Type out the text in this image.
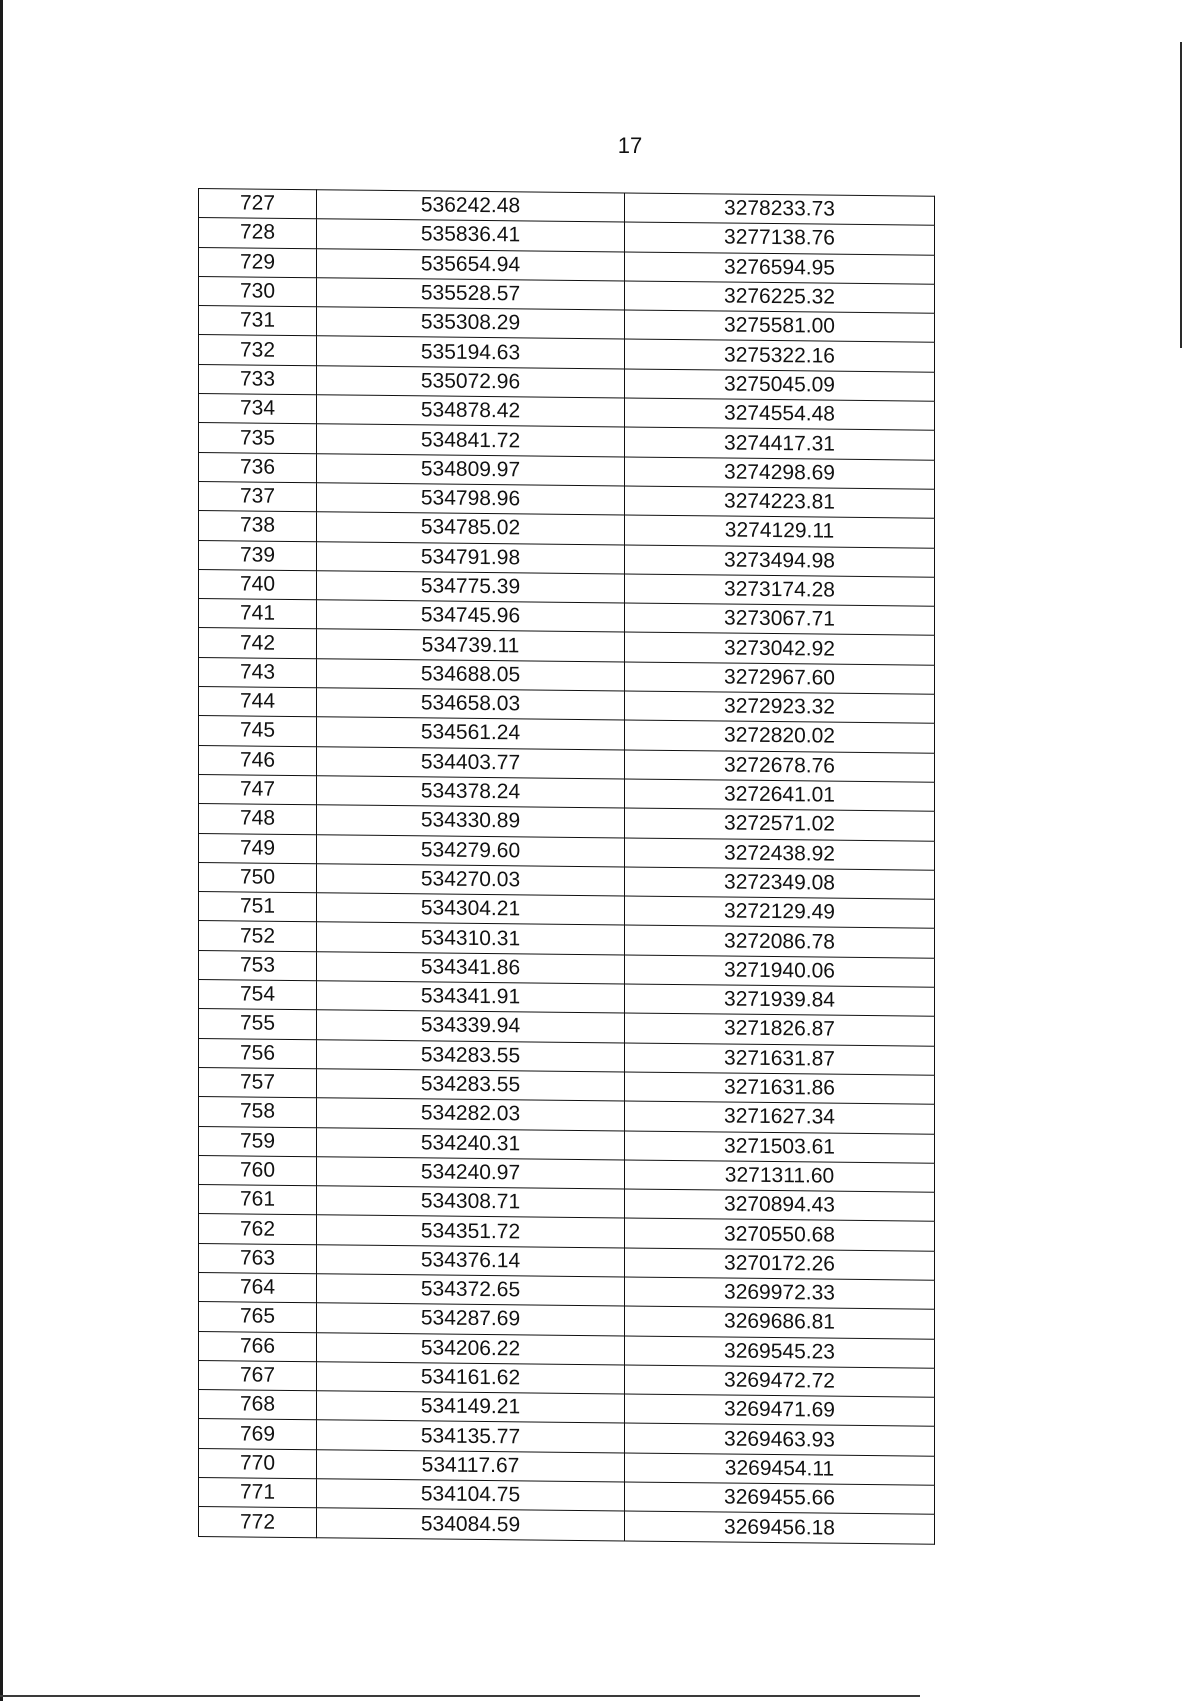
17
727	536242.48	3278233.73
728	535836.41	3277138.76
729	535654.94	3276594.95
730	535528.57	3276225.32
731	535308.29	3275581.00
732	535194.63	3275322.16
733	535072.96	3275045.09
734	534878.42	3274554.48
735	534841.72	3274417.31
736	534809.97	3274298.69
737	534798.96	3274223.81
738	534785.02	3274129.11
739	534791.98	3273494.98
740	534775.39	3273174.28
741	534745.96	3273067.71
742	534739.11	3273042.92
743	534688.05	3272967.60
744	534658.03	3272923.32
745	534561.24	3272820.02
746	534403.77	3272678.76
747	534378.24	3272641.01
748	534330.89	3272571.02
749	534279.60	3272438.92
750	534270.03	3272349.08
751	534304.21	3272129.49
752	534310.31	3272086.78
753	534341.86	3271940.06
754	534341.91	3271939.84
755	534339.94	3271826.87
756	534283.55	3271631.87
757	534283.55	3271631.86
758	534282.03	3271627.34
759	534240.31	3271503.61
760	534240.97	3271311.60
761	534308.71	3270894.43
762	534351.72	3270550.68
763	534376.14	3270172.26
764	534372.65	3269972.33
765	534287.69	3269686.81
766	534206.22	3269545.23
767	534161.62	3269472.72
768	534149.21	3269471.69
769	534135.77	3269463.93
770	534117.67	3269454.11
771	534104.75	3269455.66
772	534084.59	3269456.18
